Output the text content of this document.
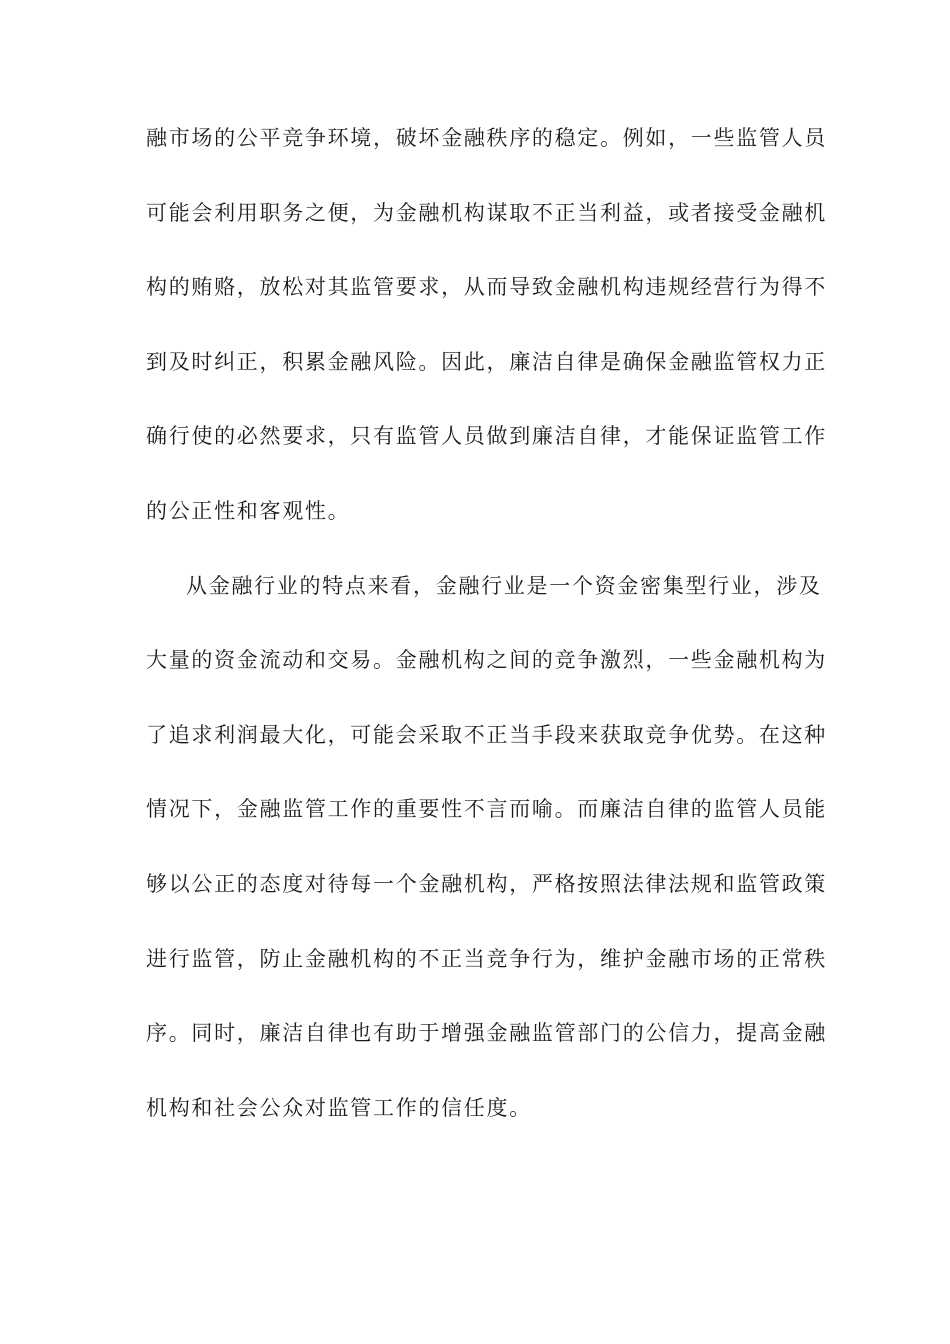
融市场的公平竞争环境，破坏金融秩序的稳定。例如，一些监管人员
可能会利用职务之便，为金融机构谋取不正当利益，或者接受金融机
构的贿赂，放松对其监管要求，从而导致金融机构违规经营行为得不
到及时纠正，积累金融风险。因此，廉洁自律是确保金融监管权力正
确行使的必然要求，只有监管人员做到廉洁自律，才能保证监管工作
的公正性和客观性。
从金融行业的特点来看，金融行业是一个资金密集型行业，涉及
大量的资金流动和交易。金融机构之间的竞争激烈，一些金融机构为
了追求利润最大化，可能会采取不正当手段来获取竞争优势。在这种
情况下，金融监管工作的重要性不言而喻。而廉洁自律的监管人员能
够以公正的态度对待每一个金融机构，严格按照法律法规和监管政策
进行监管，防止金融机构的不正当竞争行为，维护金融市场的正常秩
序。同时，廉洁自律也有助于增强金融监管部门的公信力，提高金融
机构和社会公众对监管工作的信任度。
